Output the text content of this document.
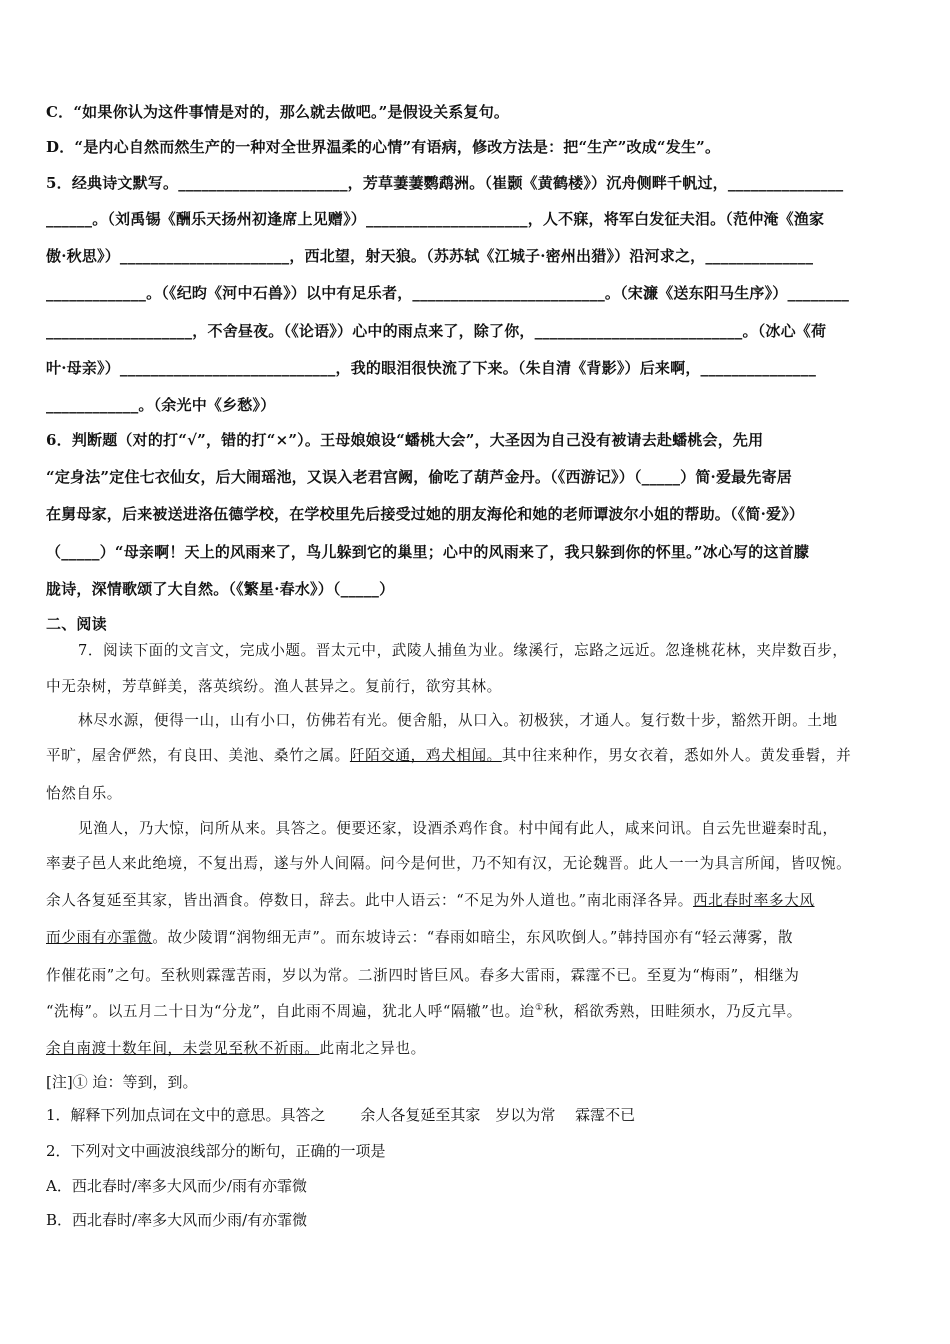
C．“如果你认为这件事情是对的，那么就去做吧。”是假设关系复句。
D．“是内心自然而然生产的一种对全世界温柔的心情”有语病，修改方法是：把“生产”改成“发生”。
5．经典诗文默写。______________________，芳草萋萋鹦鹉洲。（崔颢《黄鹤楼》）沉舟侧畔千帆过，_______________
______。（刘禹锡《酬乐天扬州初逢席上见赠》）_____________________，人不寐，将军白发征夫泪。（范仲淹《渔家
傲·秋思》）______________________，西北望，射天狼。（苏苏轼《江城子·密州出猎》）沿河求之，______________
_____________。（《纪昀《河中石兽》）以中有足乐者，_________________________。（宋濂《送东阳马生序》）________
___________________，不舍昼夜。（《论语》）心中的雨点来了，除了你，___________________________。（冰心《荷
叶·母亲》）____________________________，我的眼泪很快流了下来。（朱自清《背影》）后来啊，_______________
____________。（余光中《乡愁》）
6．判断题（对的打“√”，错的打“×”）。王母娘娘设“蟠桃大会”，大圣因为自己没有被请去赴蟠桃会，先用
“定身法”定住七衣仙女，后大闹瑶池，又误入老君宫阙，偷吃了葫芦金丹。（《西游记》）（_____）简·爱最先寄居
在舅母家，后来被送进洛伍德学校，在学校里先后接受过她的朋友海伦和她的老师谭波尔小姐的帮助。（《简·爱》）
（_____）“母亲啊！天上的风雨来了，鸟儿躲到它的巢里；心中的风雨来了，我只躲到你的怀里。”冰心写的这首朦
胧诗，深情歌颂了大自然。（《繁星·春水》）（_____）
二、阅读
7．阅读下面的文言文，完成小题。晋太元中，武陵人捕鱼为业。缘溪行，忘路之远近。忽逢桃花林，夹岸数百步，
中无杂树，芳草鲜美，落英缤纷。渔人甚异之。复前行，欲穷其林。
林尽水源，便得一山，山有小口，仿佛若有光。便舍船，从口入。初极狭，才通人。复行数十步，豁然开朗。土地
平旷，屋舍俨然，有良田、美池、桑竹之属。阡陌交通，鸡犬相闻。其中往来种作，男女衣着，悉如外人。黄发垂髫，并
怡然自乐。
见渔人，乃大惊，问所从来。具答之。便要还家，设酒杀鸡作食。村中闻有此人，咸来问讯。自云先世避秦时乱，
率妻子邑人来此绝境，不复出焉，遂与外人间隔。问今是何世，乃不知有汉，无论魏晋。此人一一为具言所闻，皆叹惋。
余人各复延至其家，皆出酒食。停数日，辞去。此中人语云：“不足为外人道也。”南北雨泽各异。西北春时率多大风
而少雨有亦霏微。故少陵谓“润物细无声”。而东坡诗云：“春雨如暗尘，东风吹倒人。”韩持国亦有“轻云薄雾，散
作催花雨”之句。至秋则霖霪苦雨，岁以为常。二浙四时皆巨风。春多大雷雨，霖霪不已。至夏为“梅雨”，相继为
“洗梅”。以五月二十日为“分龙”，自此雨不周遍，犹北人呼“隔辙”也。迨①秋，稻欲秀熟，田畦须水，乃反亢旱。
余自南渡十数年间，未尝见至秋不祈雨。此南北之异也。
[注]① 迨：等到，到。
1．解释下列加点词在文中的意思。具答之　　 余人各复延至其家　岁以为常　 霖霪不已
2．下列对文中画波浪线部分的断句，正确的一项是
A．西北春时/率多大风而少/雨有亦霏微
B．西北春时/率多大风而少雨/有亦霏微
